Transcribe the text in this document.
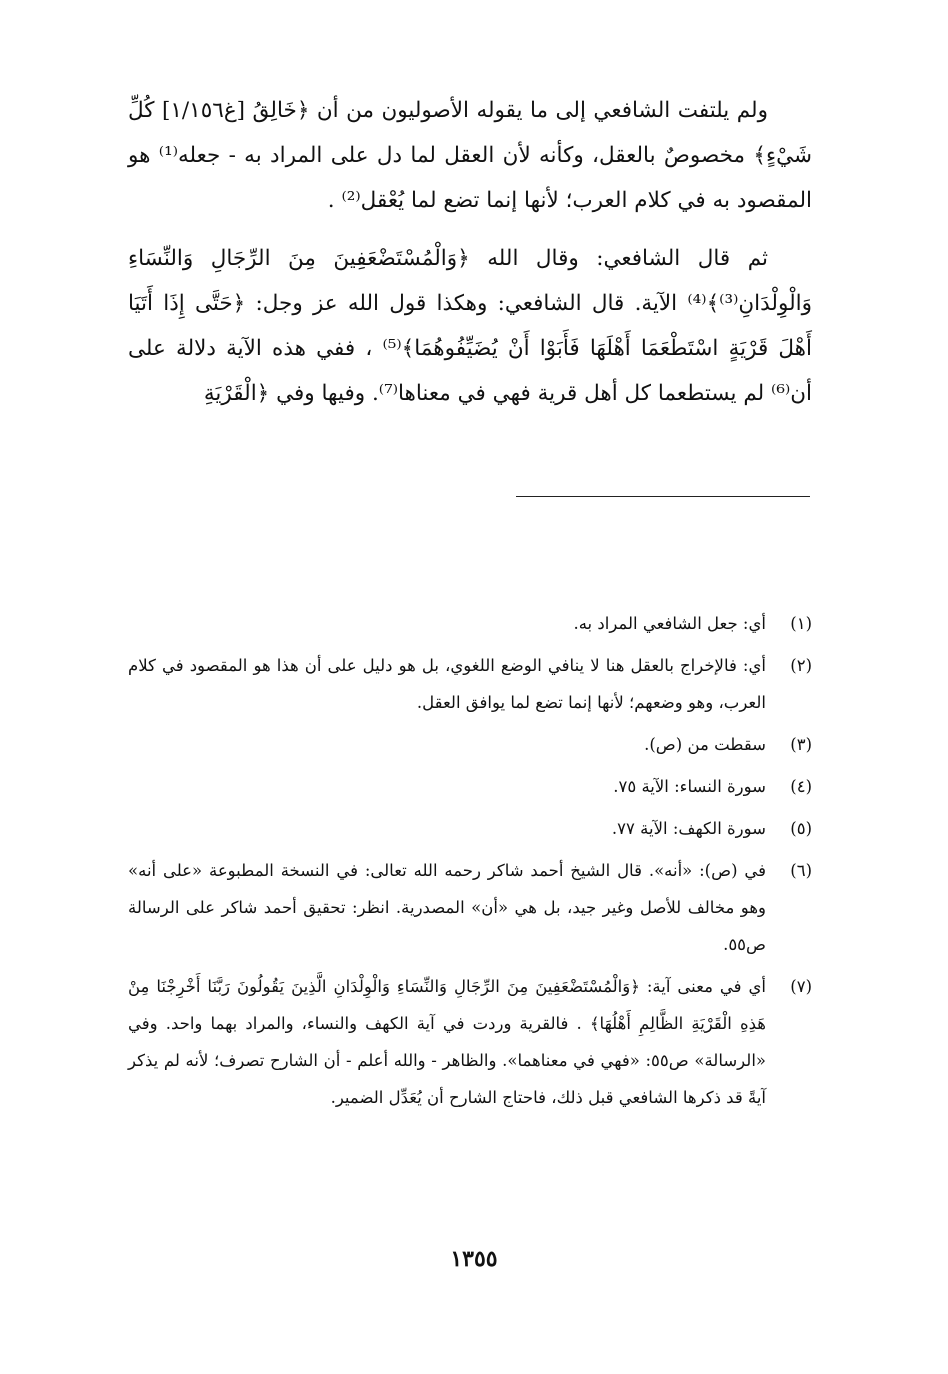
ولم يلتفت الشافعي إلى ما يقوله الأصوليون من أن ﴿خَالِقُ [غ١/١٥٦] كُلِّ شَيْءٍ﴾ مخصوصٌ بالعقل، وكأنه لأن العقل لما دل على المراد به - جعله⁽¹⁾ هو المقصود به في كلام العرب؛ لأنها إنما تضع لما يُعْقل⁽²⁾ .

ثم قال الشافعي: وقال الله ﴿وَالْمُسْتَضْعَفِينَ مِنَ الرِّجَالِ وَالنِّسَاءِ وَالْوِلْدَانِ⁽³⁾﴾⁽⁴⁾ الآية. قال الشافعي: وهكذا قول الله عز وجل: ﴿حَتَّى إِذَا أَتَيَا أَهْلَ قَرْيَةٍ اسْتَطْعَمَا أَهْلَهَا فَأَبَوْا أَنْ يُضَيِّفُوهُمَا﴾⁽⁵⁾ ، ففي هذه الآية دلالة على أن⁽⁶⁾ لم يستطعما كل أهل قرية فهي في معناها⁽⁷⁾. وفيها وفي ﴿الْقَرْيَةِ

(١)
أي: جعل الشافعي المراد به.
(٢)
أي: فالإخراج بالعقل هنا لا ينافي الوضع اللغوي، بل هو دليل على أن هذا هو المقصود في كلام العرب، وهو وضعهم؛ لأنها إنما تضع لما يوافق العقل.
(٣)
سقطت من (ص).
(٤)
سورة النساء: الآية ٧٥.
(٥)
سورة الكهف: الآية ٧٧.
(٦)
في (ص): «أنه». قال الشيخ أحمد شاكر رحمه الله تعالى: في النسخة المطبوعة «على أنه» وهو مخالف للأصل وغير جيد، بل هي «أن» المصدرية. انظر: تحقيق أحمد شاكر على الرسالة ص٥٥.
(٧)
أي في معنى آية: ﴿وَالْمُسْتَضْعَفِينَ مِنَ الرِّجَالِ وَالنِّسَاءِ وَالْوِلْدَانِ الَّذِينَ يَقُولُونَ رَبَّنَا أَخْرِجْنَا مِنْ هَذِهِ الْقَرْيَةِ الظَّالِمِ أَهْلُهَا﴾ . فالقرية وردت في آية الكهف والنساء، والمراد بهما واحد. وفي «الرسالة» ص٥٥: «فهي في معناهما». والظاهر - والله أعلم - أن الشارح تصرف؛ لأنه لم يذكر آيةً قد ذكرها الشافعي قبل ذلك، فاحتاج الشارح أن يُعَدِّل الضمير.
١٣٥٥
